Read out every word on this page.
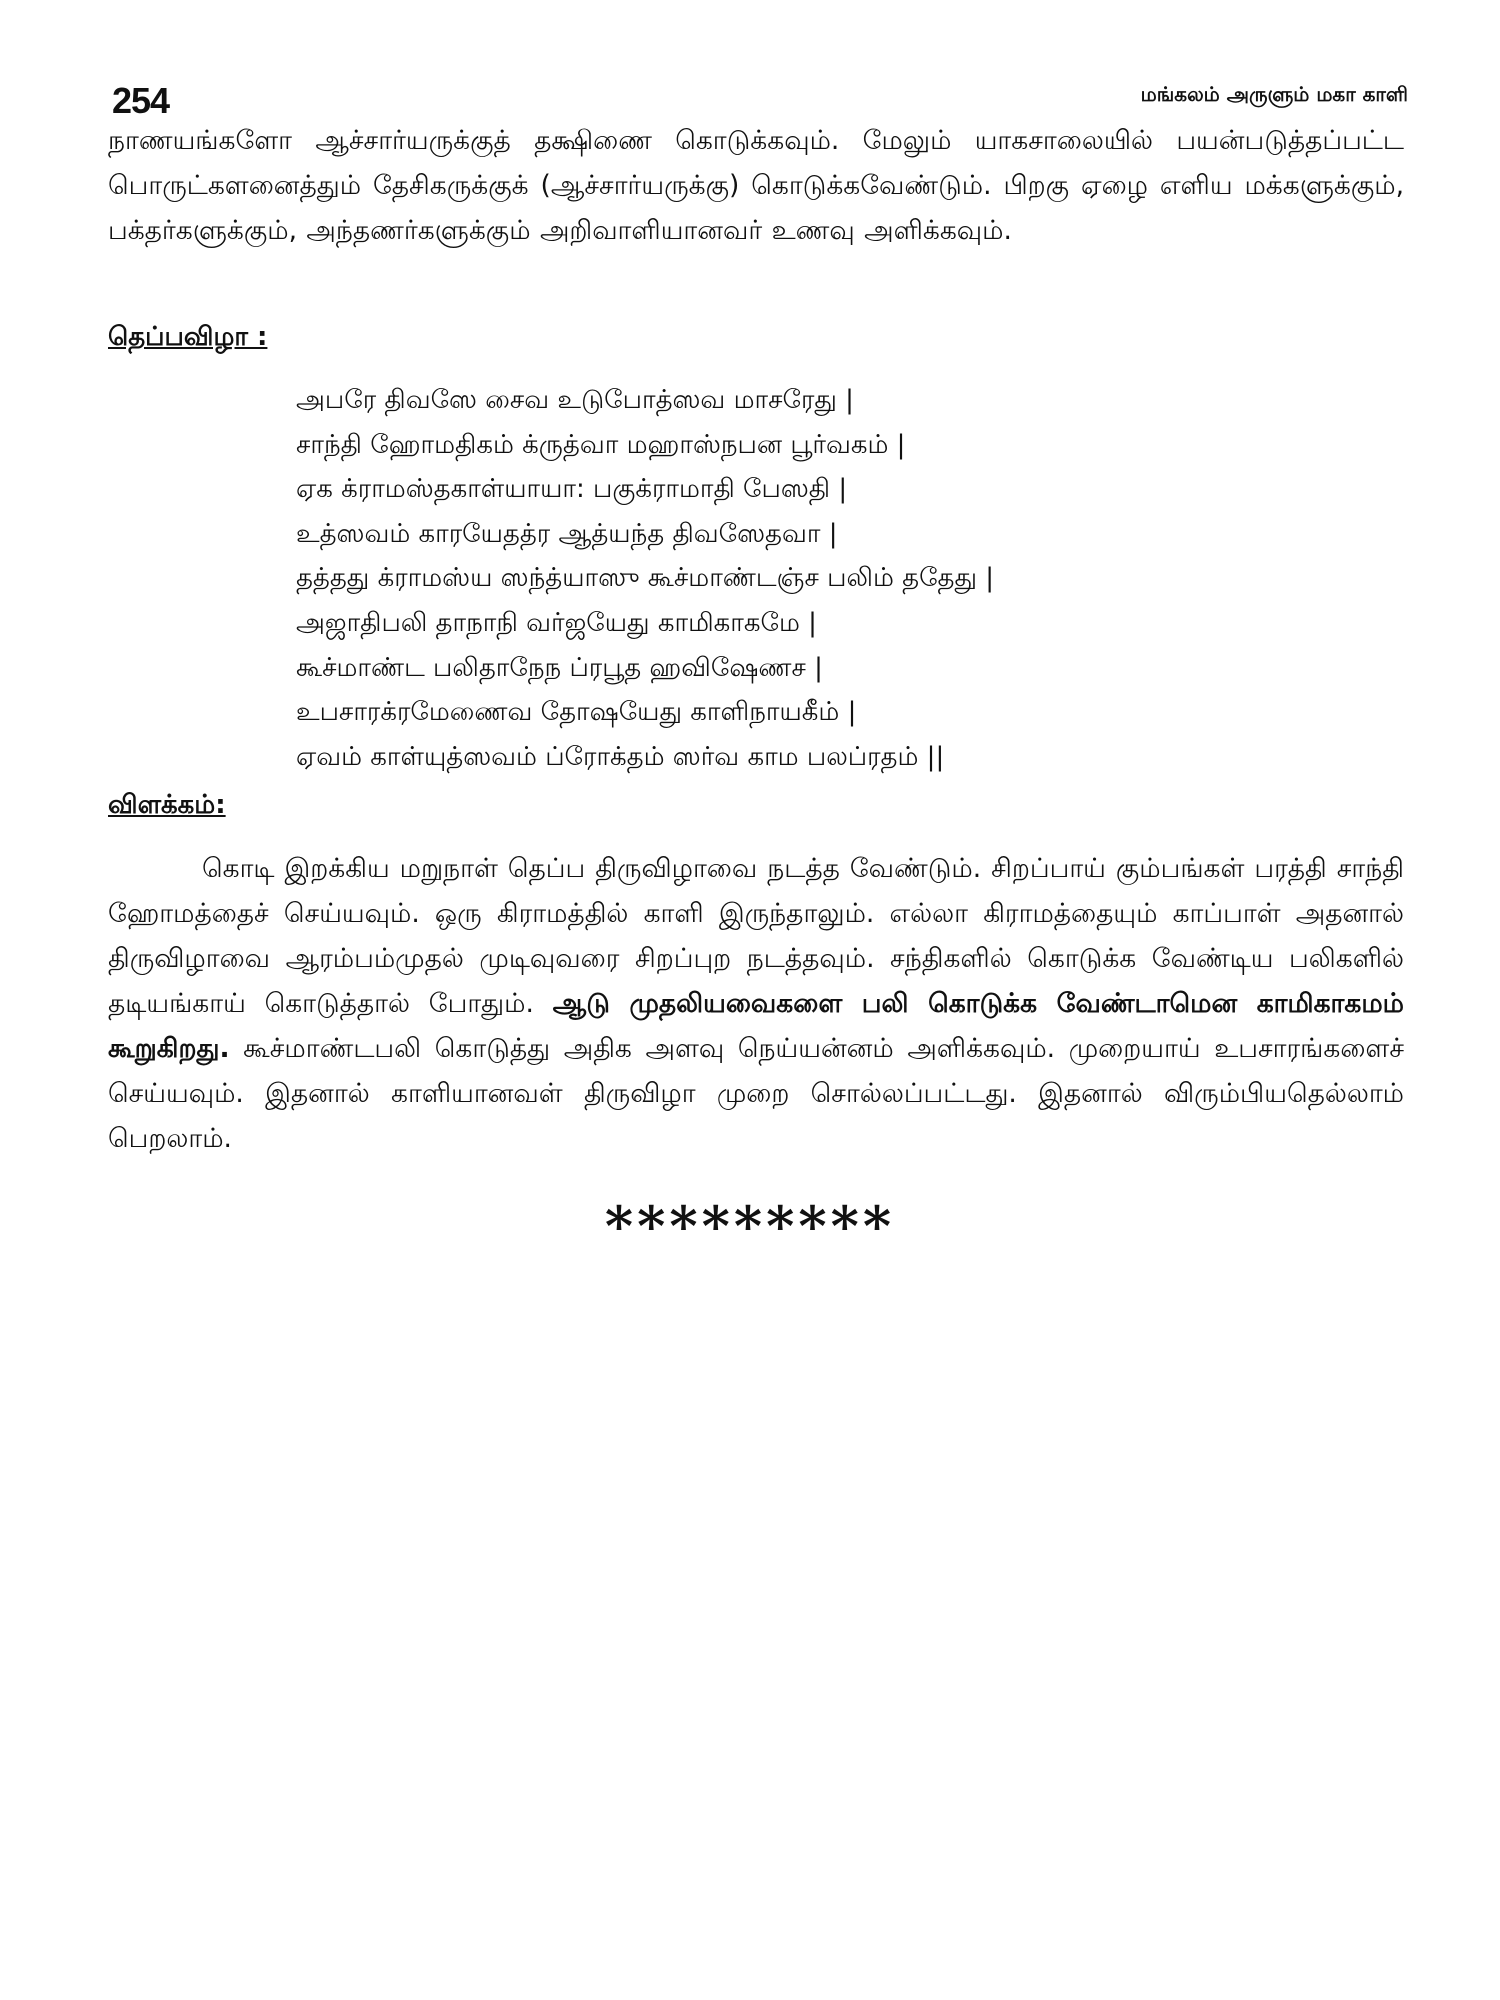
254	மங்கலம் அருளும் மகா காளி

நாணயங்களோ ஆச்சார்யருக்குத் தக்ஷிணை கொடுக்கவும். மேலும் யாகசாலையில் பயன்படுத்தப்பட்ட பொருட்களனைத்தும் தேசிகருக்குக் (ஆச்சார்யருக்கு) கொடுக்கவேண்டும். பிறகு ஏழை எளிய மக்களுக்கும், பக்தர்களுக்கும், அந்தணர்களுக்கும் அறிவாளியானவர் உணவு அளிக்கவும்.

தெப்பவிழா :
அபரே திவஸே சைவ உடுபோத்ஸவ மாசரேது |
சாந்தி ஹோமதிகம் க்ருத்வா மஹாஸ்நபன பூர்வகம் |
ஏக க்ராமஸ்தகாள்யாயா: பகுக்ராமாதி பேஸதி |
உத்ஸவம் காரயேதத்ர ஆத்யந்த திவஸேதவா |
தத்தது க்ராமஸ்ய ஸந்த்யாஸு கூச்மாண்டஞ்ச பலிம் ததேது |
அஜாதிபலி தாநாநி வர்ஜயேது காமிகாகமே |
கூச்மாண்ட பலிதாநேந ப்ரபூத ஹவிஷேணச |
உபசாரக்ரமேணைவ தோஷயேது காளிநாயகீம் |
ஏவம் காள்யுத்ஸவம் ப்ரோக்தம் ஸர்வ காம பலப்ரதம் ||
விளக்கம்:

கொடி இறக்கிய மறுநாள் தெப்ப திருவிழாவை நடத்த வேண்டும். சிறப்பாய் கும்பங்கள் பரத்தி சாந்தி ஹோமத்தைச் செய்யவும். ஒரு கிராமத்தில் காளி இருந்தாலும். எல்லா கிராமத்தையும் காப்பாள் அதனால் திருவிழாவை ஆரம்பம்முதல் முடிவுவரை சிறப்புற நடத்தவும். சந்திகளில் கொடுக்க வேண்டிய பலிகளில் தடியங்காய் கொடுத்தால் போதும். ஆடு முதலியவைகளை பலி கொடுக்க வேண்டாமென காமிகாகமம் கூறுகிறது. கூச்மாண்டபலி கொடுத்து அதிக அளவு நெய்யன்னம் அளிக்கவும். முறையாய் உபசாரங்களைச் செய்யவும். இதனால் காளியானவள் திருவிழா முறை சொல்லப்பட்டது. இதனால் விரும்பியதெல்லாம் பெறலாம்.

*********
